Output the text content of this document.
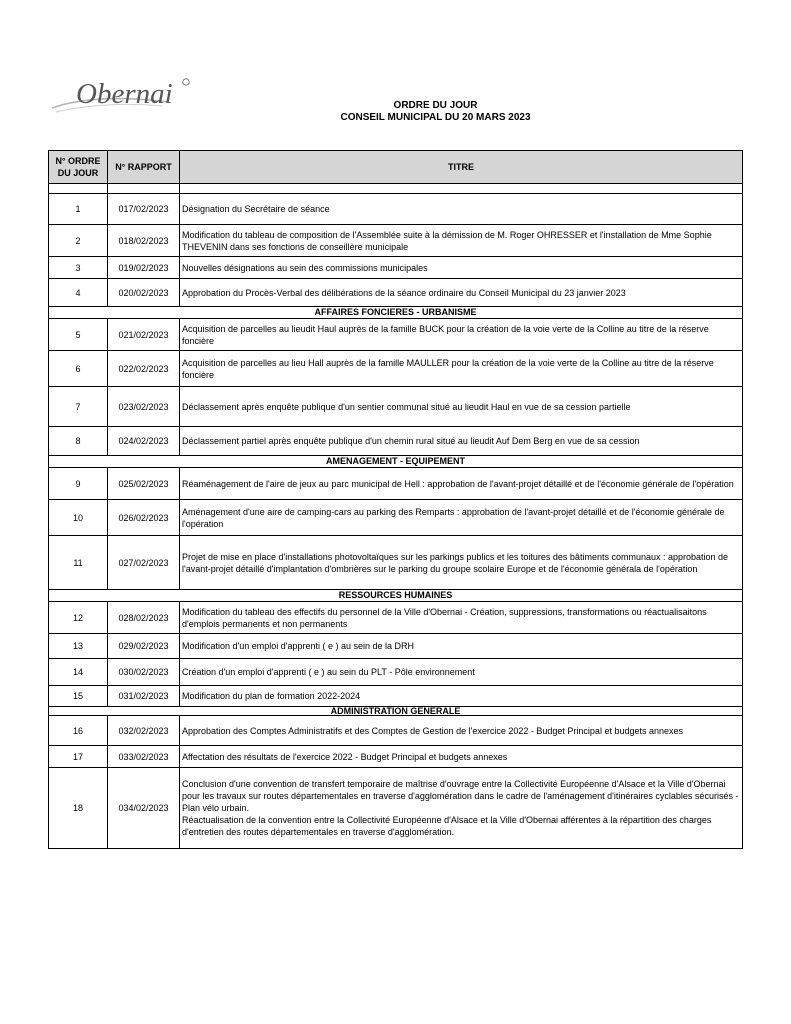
Obernai	ORDRE DU JOUR
CONSEIL MUNICIPAL DU 20 MARS 2023
N° ORDRE
DU JOUR	N° RAPPORT	TITRE

1	017/02/2023	Désignation du Secrétaire de séance
2	018/02/2023	Modification du tableau de composition de l'Assemblée suite à la démission de M. Roger OHRESSER et l'installation de Mme Sophie THEVENIN dans ses fonctions de conseillère municipale
3	019/02/2023	Nouvelles désignations au sein des commissions municipales
4	020/02/2023	Approbation du Procès-Verbal des délibérations de la séance ordinaire du Conseil Municipal du 23 janvier 2023
AFFAIRES FONCIERES - URBANISME		
5	021/02/2023	Acquisition de parcelles au lieudit Haul auprès de la famille BUCK pour la création de la voie verte de la Colline au titre de la réserve foncière
6	022/02/2023	Acquisition de parcelles au lieu Hall auprès de la famille MAULLER pour la création de la voie verte de la Colline au titre de la réserve foncière
7	023/02/2023	Déclassement après enquête publique d'un sentier communal situé au lieudit Haul en vue de sa cession partielle
8	024/02/2023	Déclassement partiel après enquête publique d'un chemin rural situé au lieudit Auf Dem Berg en vue de sa cession
AMENAGEMENT - EQUIPEMENT		
9	025/02/2023	Réaménagement de l'aire de jeux au parc municipal de Hell : approbation de l'avant-projet détaillé et de l'économie générale de l'opération
10	026/02/2023	Aménagement d'une aire de camping-cars au parking des Remparts : approbation de l'avant-projet détaillé et de l'économie générale de l'opération
11	027/02/2023	Projet de mise en place d'installations photovoltaïques sur les parkings publics et les toitures des bâtiments communaux : approbation de l'avant-projet détaillé d'implantation d'ombrières sur le parking du groupe scolaire Europe et de l'économie générala de l'opération
RESSOURCES HUMAINES		
12	028/02/2023	Modification du tableau des effectifs du personnel de la Ville d'Obernai - Création, suppressions, transformations ou réactualisaitons d'emplois permanents et non permanents
13	029/02/2023	Modification d'un emploi d'apprenti ( e ) au sein de la DRH
14	030/02/2023	Création d'un emploi d'apprenti ( e ) au sein du PLT - Pôle environnement
15	031/02/2023	Modification du plan de formation 2022-2024
ADMINISTRATION GENERALE		
16	032/02/2023	Approbation des Comptes Administratifs et des Comptes de Gestion de l'exercice 2022 - Budget Principal et budgets annexes
17	033/02/2023	Affectation des résultats de l'exercice 2022 - Budget Principal et budgets annexes
18	034/02/2023	Conclusion d'une convention de transfert temporaire de maîtrise d'ouvrage entre la Collectivité Européenne d'Alsace et la Ville d'Obernai pour les travaux sur routes départementales en traverse d'agglomération dans le cadre de l'aménagement d'itinéraires cyclables sécurisés - Plan vélo urbain.
Réactualisation de la convention entre la Collectivité Européenne d'Alsace et la Ville d'Obernai afférentes à la répartition des charges d'entretien des routes départementales en traverse d'agglomération.
